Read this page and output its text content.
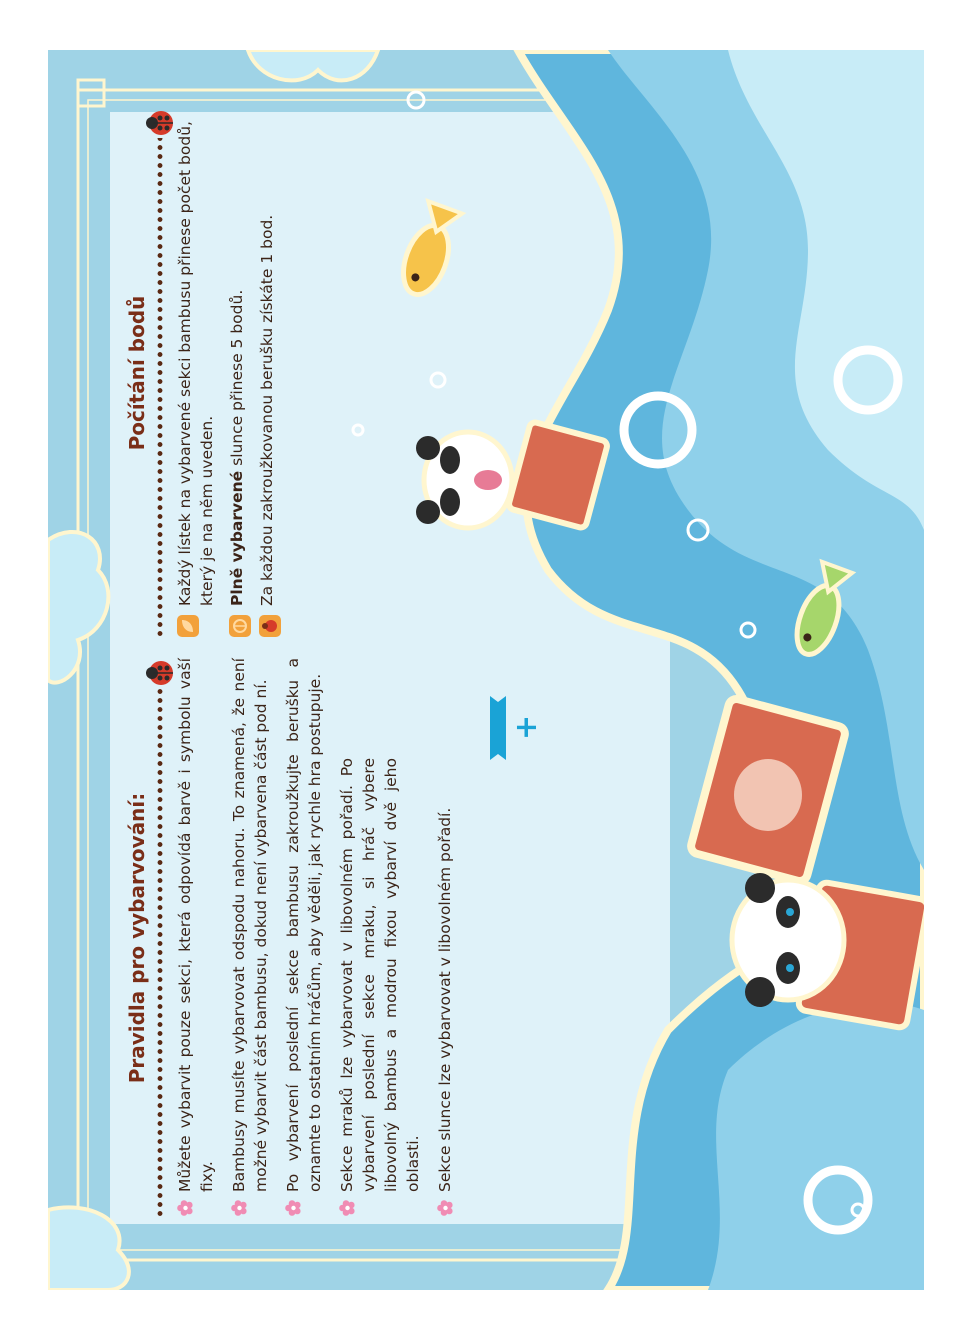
Pravidla pro vybarvování: Můžete vybarvit pouze sekci, která odpovídá barvě i symbolu vaší fixy. Bambusy musíte vybarvovat odspodu nahoru. To znamená, že není možné vybarvit část bambusu, dokud není vybarvena část pod ní. Po vybarvení poslední sekce bambusu zakroužkujte berušku a oznamte to ostatním hráčům, aby věděli, jak rychle hra postupuje. Sekce mraků lze vybarvovat v libovolném pořadí. Po vybarvení poslední sekce mraku, si hráč vybere libovolný bambus a modrou fixou vybarví dvě jeho oblasti. Sekce slunce lze vybarvovat v libovolném pořadí.
+
Počítání bodů Každý lístek na vybarvené sekci bambusu přinese počet bodů, který je na něm uveden. Plně vybarvené slunce přinese 5 bodů. Za každou zakroužkovanou berušku získáte 1 bod.
